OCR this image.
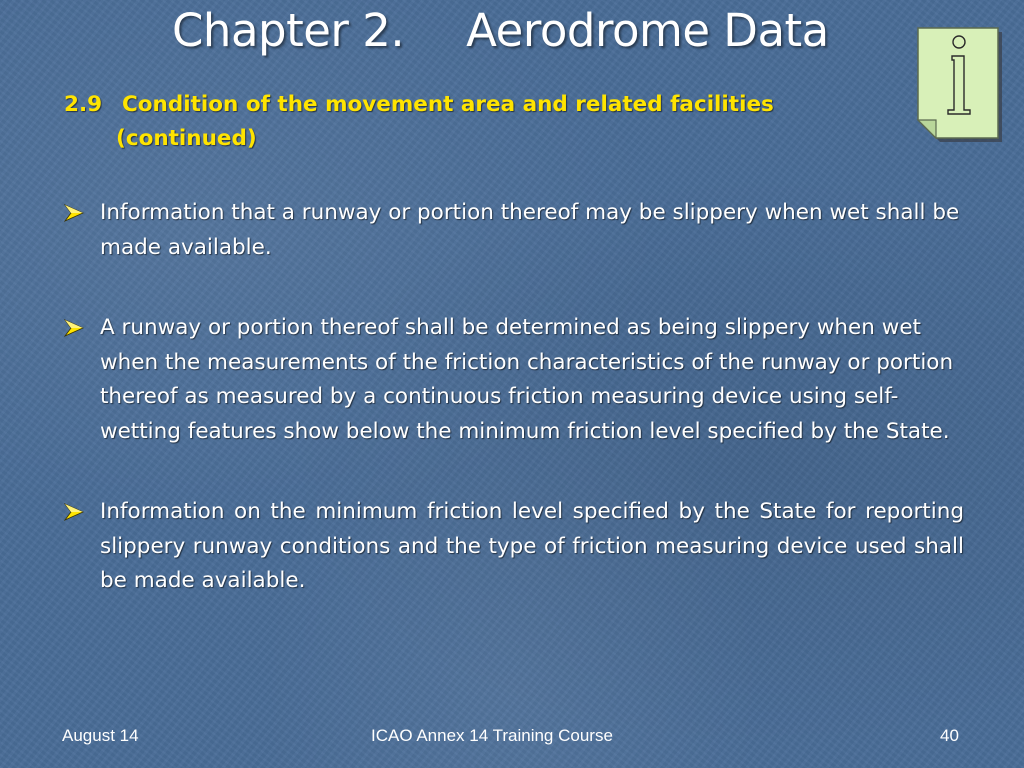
Chapter 2. Aerodrome Data
2.9 Condition of the movement area and related facilities
(continued)
Information that a runway or portion thereof may be slippery when wet shall be made available.
A runway or portion thereof shall be determined as being slippery when wet when the measurements of the friction characteristics of the runway or portion thereof as measured by a continuous friction measuring device using self-wetting features show below the minimum friction level specified by the State.
Information on the minimum friction level specified by the State for reporting slippery runway conditions and the type of friction measuring device used shall be made available.
August 14	ICAO Annex 14 Training Course	40
